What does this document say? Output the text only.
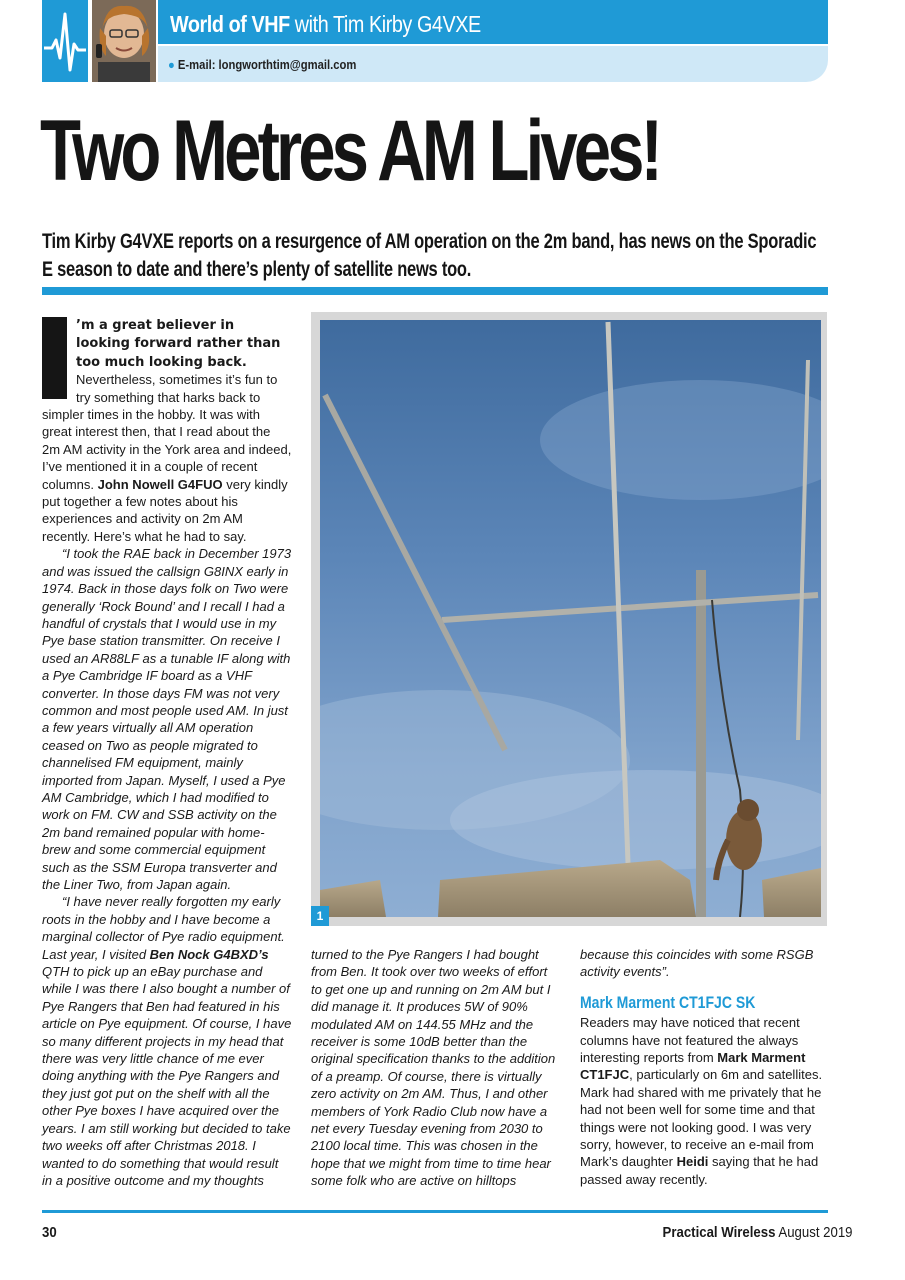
World of VHF with Tim Kirby G4VXE
● E-mail: longworthtim@gmail.com
Two Metres AM Lives!
Tim Kirby G4VXE reports on a resurgence of AM operation on the 2m band, has news on the Sporadic E season to date and there’s plenty of satellite news too.

’m a great believer in looking forward rather than too much looking back. Nevertheless, sometimes it’s fun to try something that harks back to simpler times in the hobby. It was with great interest then, that I read about the 2m AM activity in the York area and indeed, I’ve mentioned it in a couple of recent columns. John Nowell G4FUO very kindly put together a few notes about his experiences and activity on 2m AM recently. Here’s what he had to say.

“I took the RAE back in December 1973 and was issued the callsign G8INX early in 1974. Back in those days folk on Two were generally ‘Rock Bound’ and I recall I had a handful of crystals that I would use in my Pye base station transmitter. On receive I used an AR88LF as a tunable IF along with a Pye Cambridge IF board as a VHF converter. In those days FM was not very common and most people used AM. In just a few years virtually all AM operation ceased on Two as people migrated to channelised FM equipment, mainly imported from Japan. Myself, I used a Pye AM Cambridge, which I had modified to work on FM. CW and SSB activity on the 2m band remained popular with home-brew and some commercial equipment such as the SSM Europa transverter and the Liner Two, from Japan again.

“I have never really forgotten my early roots in the hobby and I have become a marginal collector of Pye radio equipment. Last year, I visited Ben Nock G4BXD’s QTH to pick up an eBay purchase and while I was there I also bought a number of Pye Rangers that Ben had featured in his article on Pye equipment. Of course, I have so many different projects in my head that there was very little chance of me ever doing anything with the Pye Rangers and they just got put on the shelf with all the other Pye boxes I have acquired over the years. I am still working but decided to take two weeks off after Christmas 2018. I wanted to do something that would result in a positive outcome and my thoughts

1

turned to the Pye Rangers I had bought from Ben. It took over two weeks of effort to get one up and running on 2m AM but I did manage it. It produces 5W of 90% modulated AM on 144.55 MHz and the receiver is some 10dB better than the original specification thanks to the addition of a preamp. Of course, there is virtually zero activity on 2m AM. Thus, I and other members of York Radio Club now have a net every Tuesday evening from 2030 to 2100 local time. This was chosen in the hope that we might from time to time hear some folk who are active on hilltops

because this coincides with some RSGB activity events”.

Mark Marment CT1FJC SK

Readers may have noticed that recent columns have not featured the always interesting reports from Mark Marment CT1FJC, particularly on 6m and satellites. Mark had shared with me privately that he had not been well for some time and that things were not looking good. I was very sorry, however, to receive an e-mail from Mark’s daughter Heidi saying that he had passed away recently.

30	Practical Wireless August 2019
